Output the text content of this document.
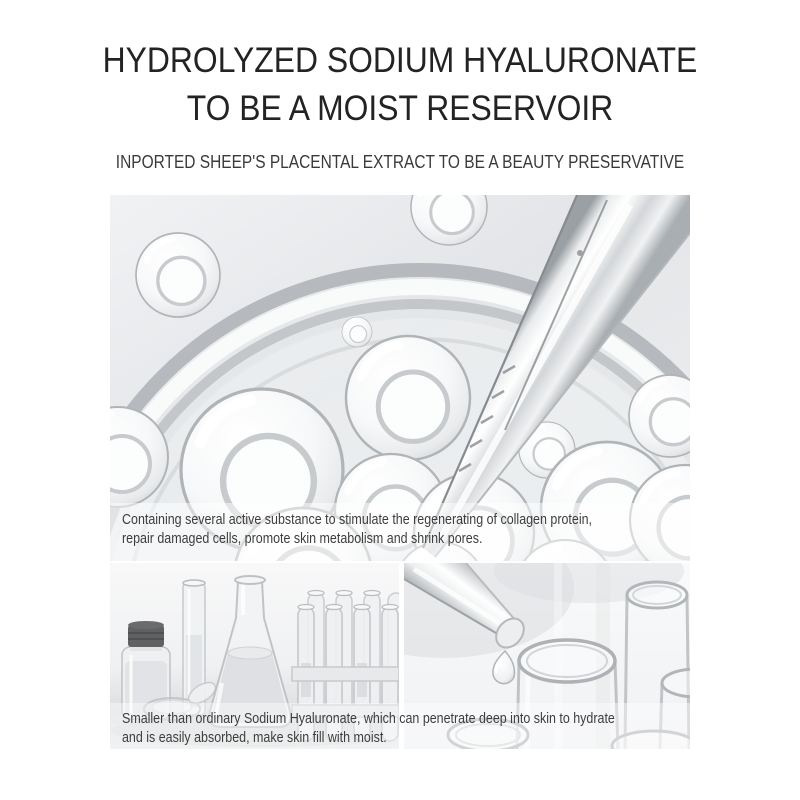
HYDROLYZED SODIUM HYALURONATE
TO BE A MOIST RESERVOIR
INPORTED SHEEP'S PLACENTAL EXTRACT TO BE A BEAUTY PRESERVATIVE
Containing several active substance to stimulate the regenerating of collagen protein,
repair damaged cells, promote skin metabolism and shrink pores.
Smaller than ordinary Sodium Hyaluronate, which can penetrate deep into skin to hydrate
and is easily absorbed, make skin fill with moist.
